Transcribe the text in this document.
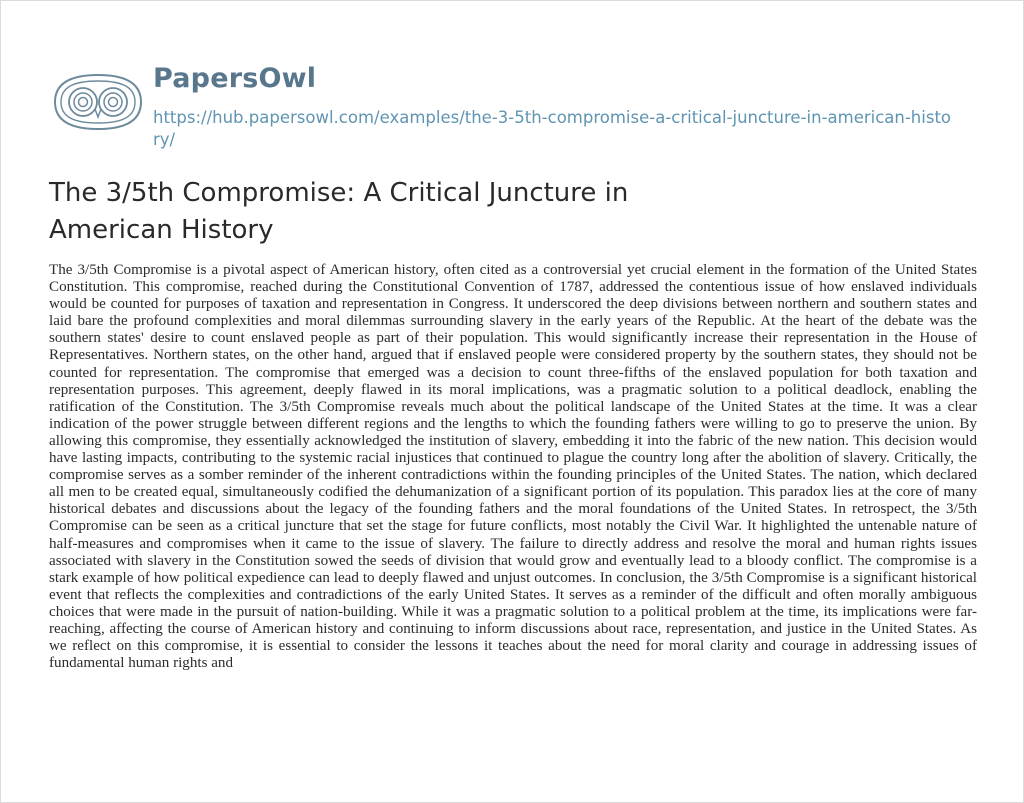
PapersOwl
https://hub.papersowl.com/examples/the-3-5th-compromise-a-critical-juncture-in-american-history/
The 3/5th Compromise: A Critical Juncture in American History

The 3/5th Compromise is a pivotal aspect of American history, often cited as a controversial yet crucial element in the formation of the United States Constitution. This compromise, reached during the Constitutional Convention of 1787, addressed the contentious issue of how enslaved individuals would be counted for purposes of taxation and representation in Congress. It underscored the deep divisions between northern and southern states and laid bare the profound complexities and moral dilemmas surrounding slavery in the early years of the Republic. At the heart of the debate was the southern states' desire to count enslaved people as part of their population. This would significantly increase their representation in the House of Representatives. Northern states, on the other hand, argued that if enslaved people were considered property by the southern states, they should not be counted for representation. The compromise that emerged was a decision to count three-fifths of the enslaved population for both taxation and representation purposes. This agreement, deeply flawed in its moral implications, was a pragmatic solution to a political deadlock, enabling the ratification of the Constitution. The 3/5th Compromise reveals much about the political landscape of the United States at the time. It was a clear indication of the power struggle between different regions and the lengths to which the founding fathers were willing to go to preserve the union. By allowing this compromise, they essentially acknowledged the institution of slavery, embedding it into the fabric of the new nation. This decision would have lasting impacts, contributing to the systemic racial injustices that continued to plague the country long after the abolition of slavery. Critically, the compromise serves as a somber reminder of the inherent contradictions within the founding principles of the United States. The nation, which declared all men to be created equal, simultaneously codified the dehumanization of a significant portion of its population. This paradox lies at the core of many historical debates and discussions about the legacy of the founding fathers and the moral foundations of the United States. In retrospect, the 3/5th Compromise can be seen as a critical juncture that set the stage for future conflicts, most notably the Civil War. It highlighted the untenable nature of half-measures and compromises when it came to the issue of slavery. The failure to directly address and resolve the moral and human rights issues associated with slavery in the Constitution sowed the seeds of division that would grow and eventually lead to a bloody conflict. The compromise is a stark example of how political expedience can lead to deeply flawed and unjust outcomes. In conclusion, the 3/5th Compromise is a significant historical event that reflects the complexities and contradictions of the early United States. It serves as a reminder of the difficult and often morally ambiguous choices that were made in the pursuit of nation-building. While it was a pragmatic solution to a political problem at the time, its implications were far-reaching, affecting the course of American history and continuing to inform discussions about race, representation, and justice in the United States. As we reflect on this compromise, it is essential to consider the lessons it teaches about the need for moral clarity and courage in addressing issues of fundamental human rights and
